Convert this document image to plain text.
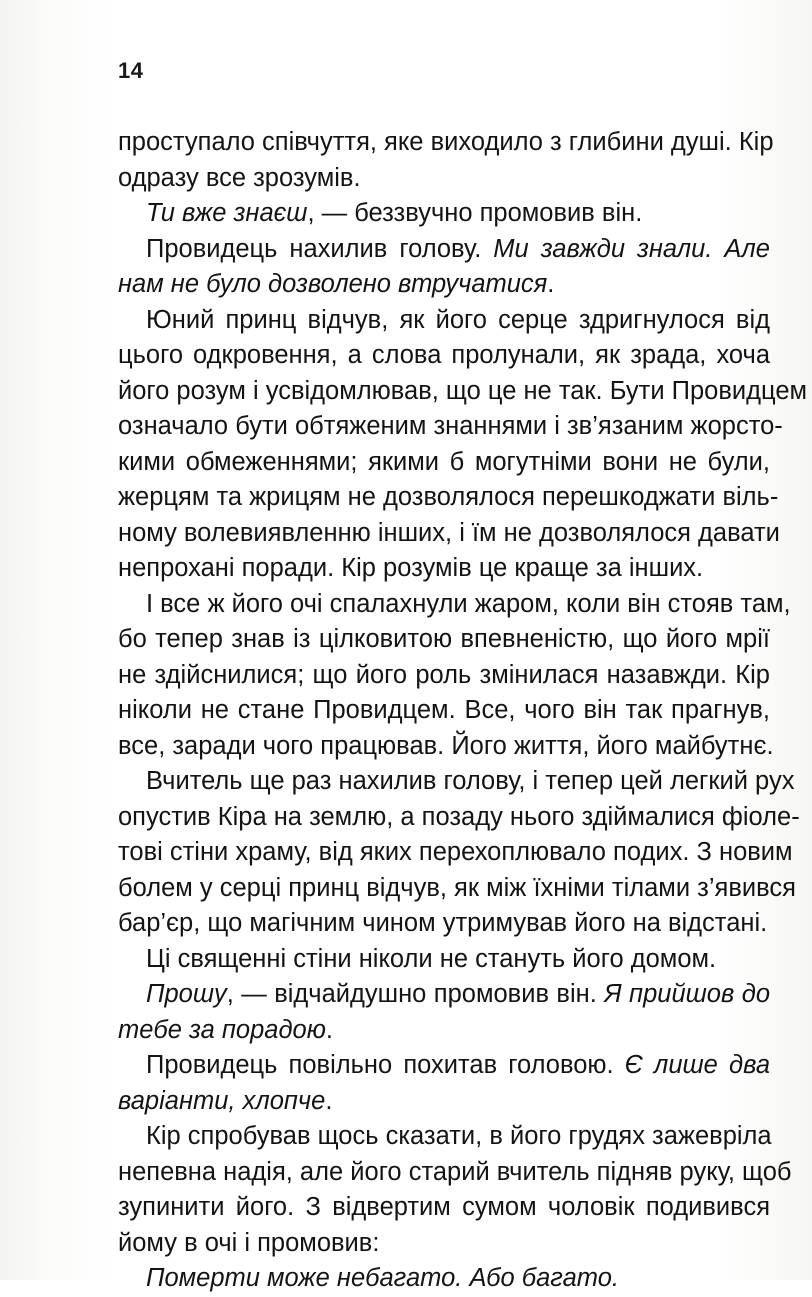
14
проступало співчуття, яке виходило з глибини душі. Кір
одразу все зрозумів.
Ти вже знаєш, — беззвучно промовив він.
Провидець нахилив голову. Ми завжди знали. Але
нам не було дозволено втручатися.
Юний принц відчув, як його серце здригнулося від
цього одкровення, а слова пролунали, як зрада, хоча
його розум і усвідомлював, що це не так. Бути Провидцем
означало бути обтяженим знаннями і зв’язаним жорсто-
кими обмеженнями; якими б могутніми вони не були,
жерцям та жрицям не дозволялося перешкоджати віль-
ному волевиявленню інших, і їм не дозволялося давати
непрохані поради. Кір розумів це краще за інших.
І все ж його очі спалахнули жаром, коли він стояв там,
бо тепер знав із цілковитою впевненістю, що його мрії
не здійснилися; що його роль змінилася назавжди. Кір
ніколи не стане Провидцем. Все, чого він так прагнув,
все, заради чого працював. Його життя, його майбутнє.
Вчитель ще раз нахилив голову, і тепер цей легкий рух
опустив Кіра на землю, а позаду нього здіймалися фіоле-
тові стіни храму, від яких перехоплювало подих. З новим
болем у серці принц відчув, як між їхніми тілами з’явився
бар’єр, що магічним чином утримував його на відстані.
Ці священні стіни ніколи не стануть його домом.
Прошу, — відчайдушно промовив він. Я прийшов до
тебе за порадою.
Провидець повільно похитав головою. Є лише два
варіанти, хлопче.
Кір спробував щось сказати, в його грудях зажевріла
непевна надія, але його старий вчитель підняв руку, щоб
зупинити його. З відвертим сумом чоловік подивився
йому в очі і промовив:
Померти може небагато. Або багато.
